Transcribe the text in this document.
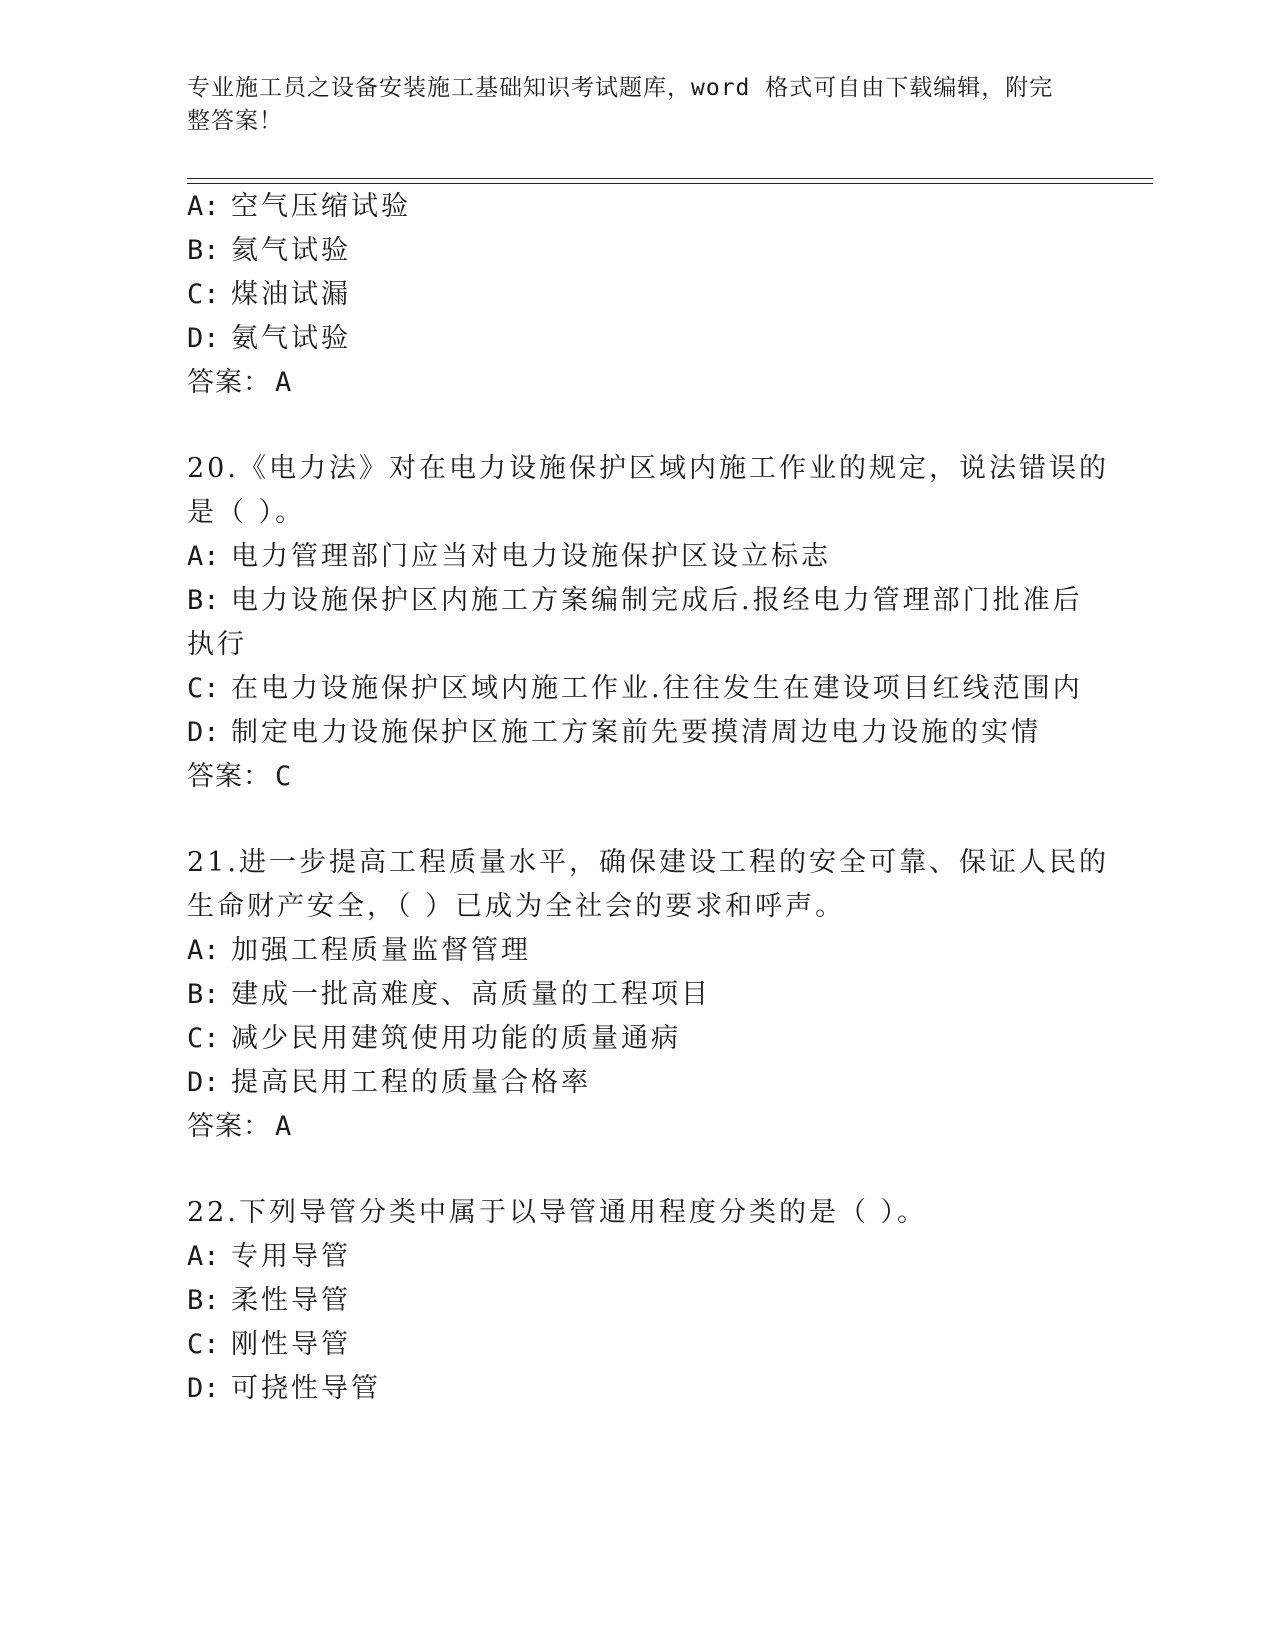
专业施工员之设备安装施工基础知识考试题库，word 格式可自由下载编辑，附完
整答案！
A: 空气压缩试验
B: 氦气试验
C: 煤油试漏
D: 氨气试验
答案： A
20.《电力法》对在电力设施保护区域内施工作业的规定，说法错误的
是（ ）。
A: 电力管理部门应当对电力设施保护区设立标志
B: 电力设施保护区内施工方案编制完成后.报经电力管理部门批准后
执行
C: 在电力设施保护区域内施工作业.往往发生在建设项目红线范围内
D: 制定电力设施保护区施工方案前先要摸清周边电力设施的实情
答案： C
21.进一步提高工程质量水平，确保建设工程的安全可靠、保证人民的
生命财产安全，（ ）已成为全社会的要求和呼声。
A: 加强工程质量监督管理
B: 建成一批高难度、高质量的工程项目
C: 减少民用建筑使用功能的质量通病
D: 提高民用工程的质量合格率
答案： A
22.下列导管分类中属于以导管通用程度分类的是（ ）。
A: 专用导管
B: 柔性导管
C: 刚性导管
D: 可挠性导管
